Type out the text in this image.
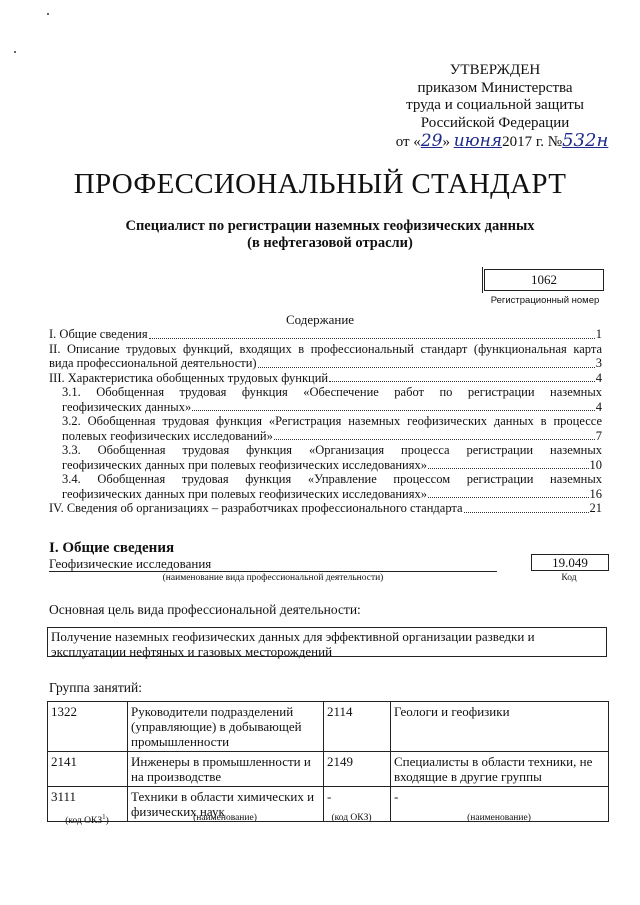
УТВЕРЖДЕН
приказом Министерства
труда и социальной защиты
Российской Федерации
от «29» июня2017 г. №532н
ПРОФЕССИОНАЛЬНЫЙ СТАНДАРТ
Специалист по регистрации наземных геофизических данных
(в нефтегазовой отрасли)
1062
Регистрационный номер
Содержание
I. Общие сведения	1
II. Описание трудовых функций, входящих в профессиональный стандарт (функциональная карта
вида профессиональной деятельности)	3
III. Характеристика обобщенных трудовых функций	4
3.1. Обобщенная трудовая функция «Обеспечение работ по регистрации наземных
геофизических данных»	4
3.2. Обобщенная трудовая функция «Регистрация наземных геофизических данных в процессе
полевых геофизических исследований»	7
3.3. Обобщенная трудовая функция «Организация процесса регистрации наземных
геофизических данных при полевых геофизических исследованиях»	10
3.4. Обобщенная трудовая функция «Управление процессом регистрации наземных
геофизических данных при полевых геофизических исследованиях»	16
IV. Сведения об организациях – разработчиках профессионального стандарта	21
I. Общие сведения
Геофизические исследования
(наименование вида профессиональной деятельности)
19.049
Код
Основная цель вида профессиональной деятельности:
Получение наземных геофизических данных для эффективной организации разведки и эксплуатации нефтяных и газовых месторождений
Группа занятий:
1322	Руководители подразделений (управляющие) в добывающей промышленности	2114	Геологи и геофизики
2141	Инженеры в промышленности и на производстве	2149	Специалисты в области техники, не входящие в другие группы
3111	Техники в области химических и физических наук	-	-
(код ОКЗ$^1$)	(наименование)	(код ОКЗ)	(наименование)
